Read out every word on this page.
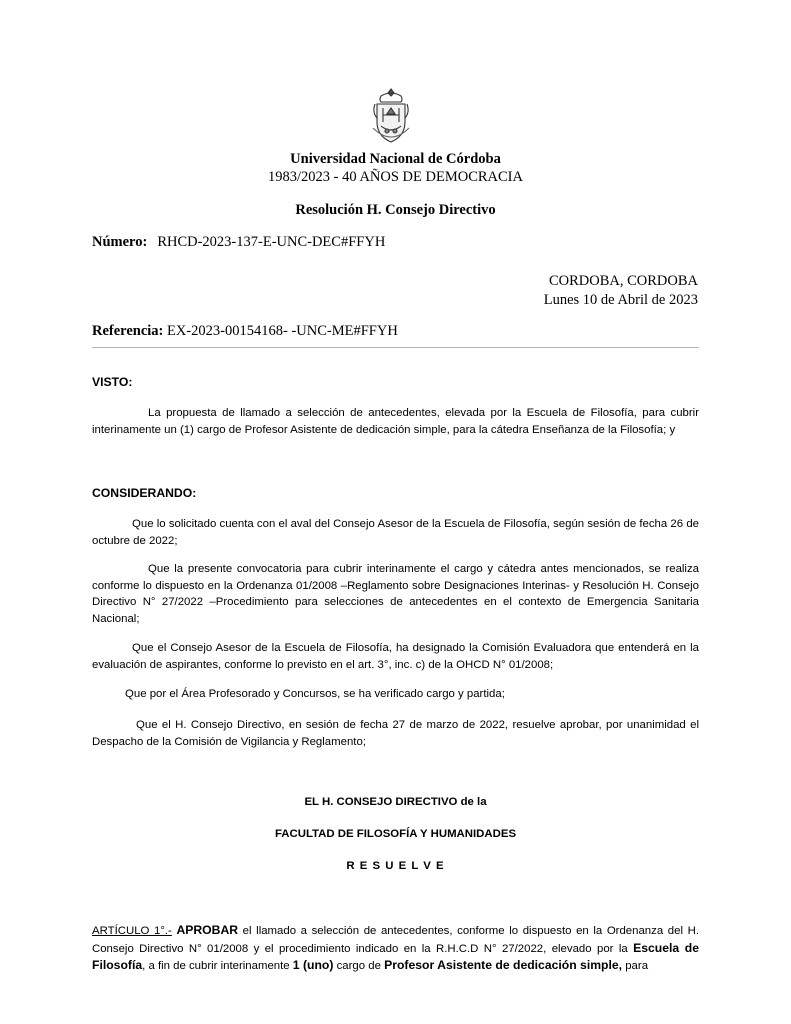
Universidad Nacional de Córdoba
1983/2023 - 40 AÑOS DE DEMOCRACIA
Resolución H. Consejo Directivo
Número: RHCD-2023-137-E-UNC-DEC#FFYH
CORDOBA, CORDOBA
Lunes 10 de Abril de 2023
Referencia: EX-2023-00154168- -UNC-ME#FFYH
VISTO:
La propuesta de llamado a selección de antecedentes, elevada por la Escuela de Filosofía, para cubrir interinamente un (1) cargo de Profesor Asistente de dedicación simple, para la cátedra Enseñanza de la Filosofía; y
CONSIDERANDO:
Que lo solicitado cuenta con el aval del Consejo Asesor de la Escuela de Filosofía, según sesión de fecha 26 de octubre de 2022;
Que la presente convocatoria para cubrir interinamente el cargo y cátedra antes mencionados, se realiza conforme lo dispuesto en la Ordenanza 01/2008 –Reglamento sobre Designaciones Interinas- y Resolución H. Consejo Directivo N° 27/2022 –Procedimiento para selecciones de antecedentes en el contexto de Emergencia Sanitaria Nacional;
Que el Consejo Asesor de la Escuela de Filosofía, ha designado la Comisión Evaluadora que entenderá en la evaluación de aspirantes, conforme lo previsto en el art. 3°, inc. c) de la OHCD N° 01/2008;
Que por el Área Profesorado y Concursos, se ha verificado cargo y partida;
Que el H. Consejo Directivo, en sesión de fecha 27 de marzo de 2022, resuelve aprobar, por unanimidad el Despacho de la Comisión de Vigilancia y Reglamento;
EL H. CONSEJO DIRECTIVO de la
FACULTAD DE FILOSOFÍA Y HUMANIDADES
R E S U E L V E
ARTÍCULO 1°.- APROBAR el llamado a selección de antecedentes, conforme lo dispuesto en la Ordenanza del H. Consejo Directivo N° 01/2008 y el procedimiento indicado en la R.H.C.D N° 27/2022, elevado por la Escuela de Filosofía, a fin de cubrir interinamente 1 (uno) cargo de Profesor Asistente de dedicación simple, para
